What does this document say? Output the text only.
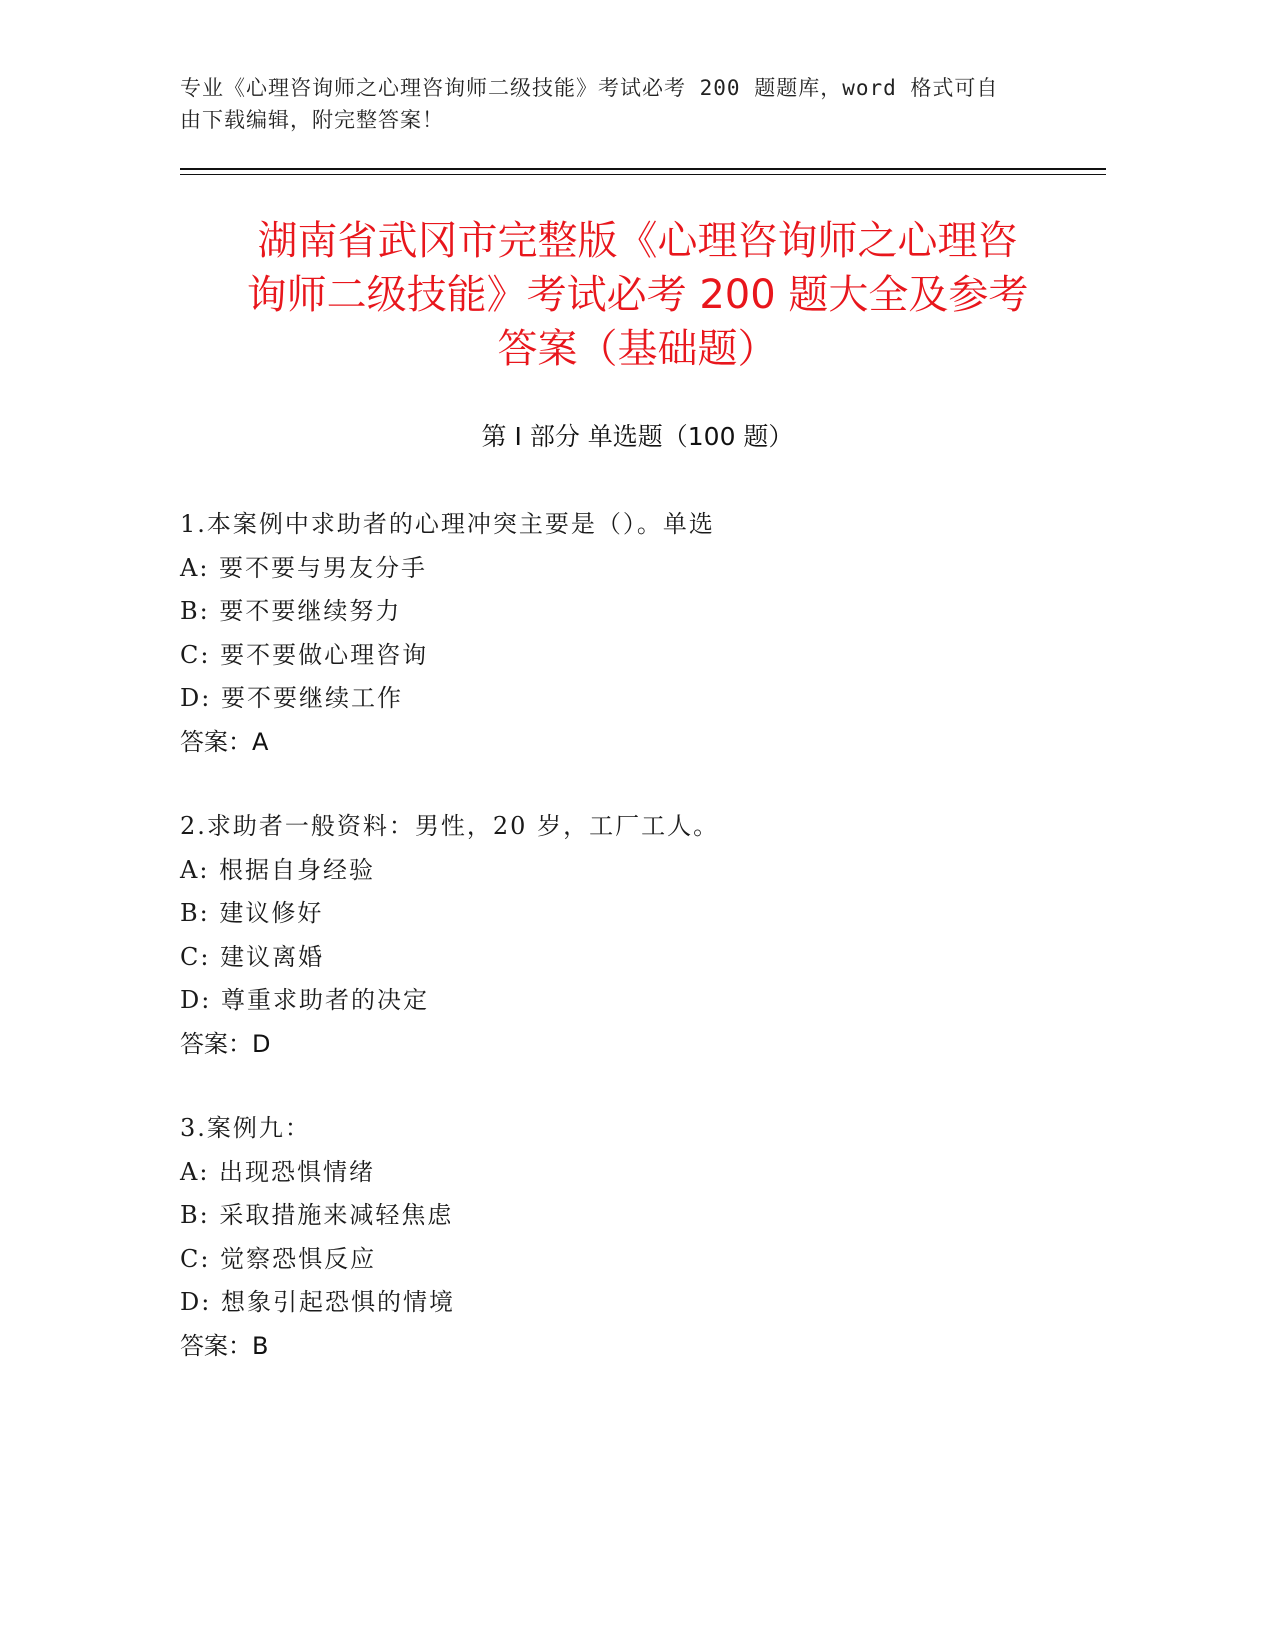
专业《心理咨询师之心理咨询师二级技能》考试必考 200 题题库，word 格式可自
由下载编辑，附完整答案！
湖南省武冈市完整版《心理咨询师之心理咨
询师二级技能》考试必考 200 题大全及参考
答案（基础题）
第 I 部分 单选题（100 题）
1.本案例中求助者的心理冲突主要是（）。单选
A: 要不要与男友分手
B: 要不要继续努力
C: 要不要做心理咨询
D: 要不要继续工作
答案：A
2.求助者一般资料：男性，20 岁，工厂工人。
A: 根据自身经验
B: 建议修好
C: 建议离婚
D: 尊重求助者的决定
答案：D
3.案例九：
A: 出现恐惧情绪
B: 采取措施来减轻焦虑
C: 觉察恐惧反应
D: 想象引起恐惧的情境
答案：B
